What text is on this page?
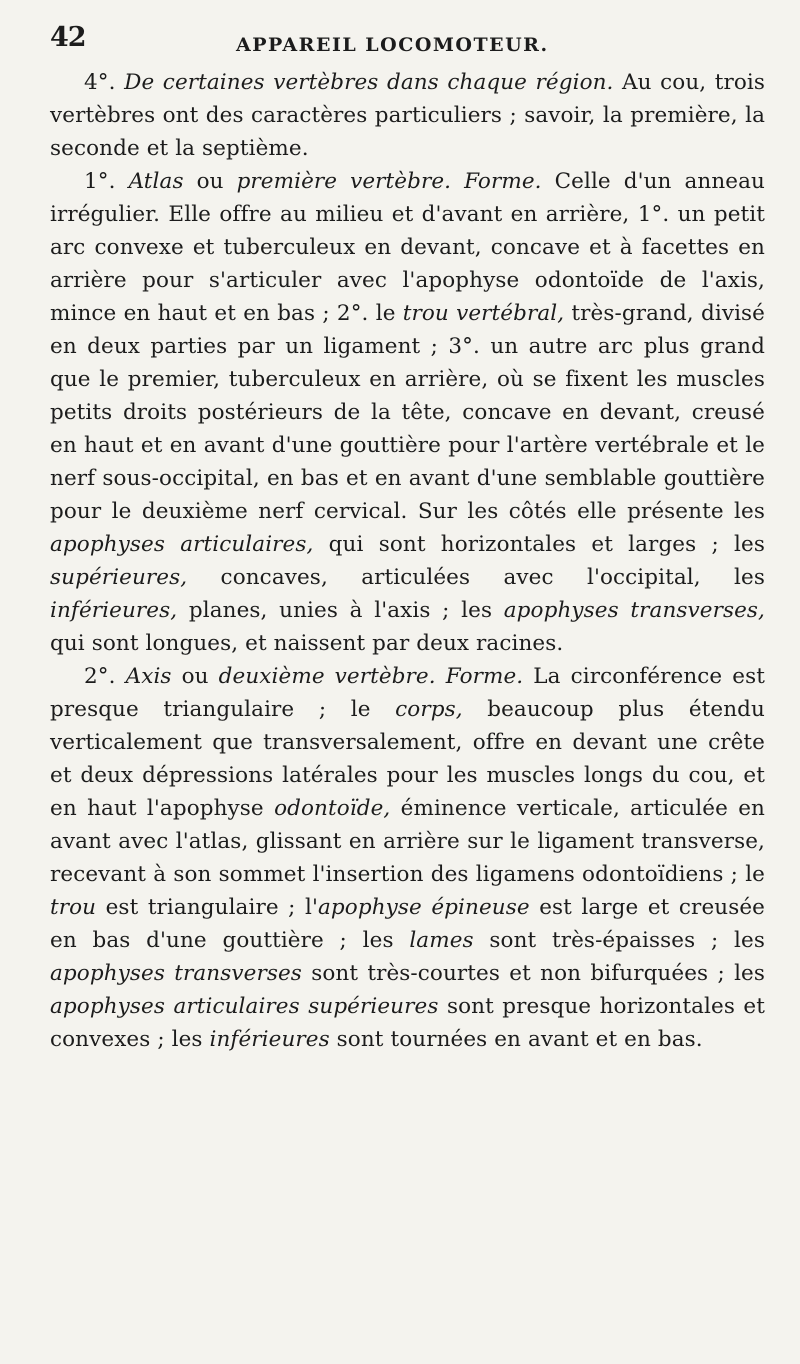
42	APPAREIL LOCOMOTEUR.

4°. De certaines vertèbres dans chaque région. Au cou, trois vertèbres ont des caractères particuliers ; savoir, la première, la seconde et la septième.

1°. Atlas ou première vertèbre. Forme. Celle d'un anneau irrégulier. Elle offre au milieu et d'avant en arrière, 1°. un petit arc convexe et tuberculeux en devant, concave et à facettes en arrière pour s'articuler avec l'apophyse odontoïde de l'axis, mince en haut et en bas ; 2°. le trou vertébral, très-grand, divisé en deux parties par un ligament ; 3°. un autre arc plus grand que le premier, tuberculeux en arrière, où se fixent les muscles petits droits postérieurs de la tête, concave en devant, creusé en haut et en avant d'une gouttière pour l'artère vertébrale et le nerf sous-occipital, en bas et en avant d'une semblable gouttière pour le deuxième nerf cervical. Sur les côtés elle présente les apophyses articulaires, qui sont horizontales et larges ; les supérieures, concaves, articulées avec l'occipital, les inférieures, planes, unies à l'axis ; les apophyses transverses, qui sont longues, et naissent par deux racines.

2°. Axis ou deuxième vertèbre. Forme. La circonférence est presque triangulaire ; le corps, beaucoup plus étendu verticalement que transversalement, offre en devant une crête et deux dépressions latérales pour les muscles longs du cou, et en haut l'apophyse odontoïde, éminence verticale, articulée en avant avec l'atlas, glissant en arrière sur le ligament transverse, recevant à son sommet l'insertion des ligamens odontoïdiens ; le trou est triangulaire ; l'apophyse épineuse est large et creusée en bas d'une gouttière ; les lames sont très-épaisses ; les apophyses transverses sont très-courtes et non bifurquées ; les apophyses articulaires supérieures sont presque horizontales et convexes ; les inférieures sont tournées en avant et en bas.
